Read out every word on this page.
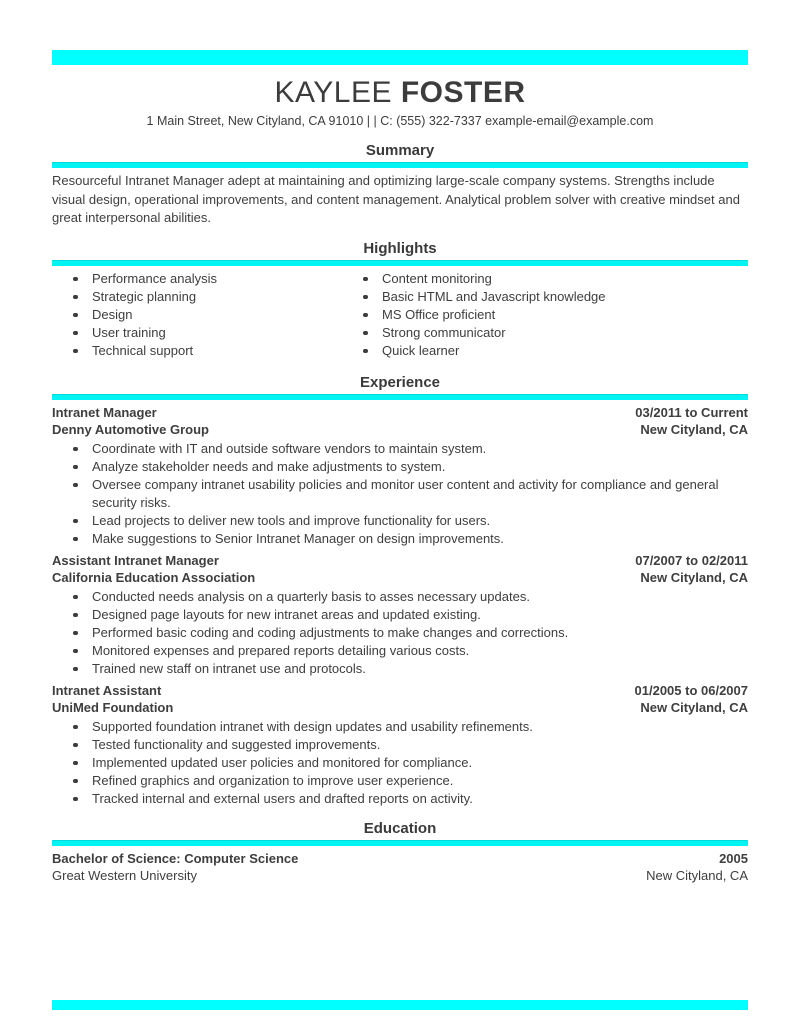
KAYLEE FOSTER
1 Main Street, New Cityland, CA 91010 | | C: (555) 322-7337 example-email@example.com
Summary
Resourceful Intranet Manager adept at maintaining and optimizing large-scale company systems. Strengths include visual design, operational improvements, and content management. Analytical problem solver with creative mindset and great interpersonal abilities.
Highlights
Performance analysis
Strategic planning
Design
User training
Technical support
Content monitoring
Basic HTML and Javascript knowledge
MS Office proficient
Strong communicator
Quick learner
Experience
Intranet Manager	03/2011 to Current
Denny Automotive Group	New Cityland, CA
Coordinate with IT and outside software vendors to maintain system.
Analyze stakeholder needs and make adjustments to system.
Oversee company intranet usability policies and monitor user content and activity for compliance and general security risks.
Lead projects to deliver new tools and improve functionality for users.
Make suggestions to Senior Intranet Manager on design improvements.
Assistant Intranet Manager	07/2007 to 02/2011
California Education Association	New Cityland, CA
Conducted needs analysis on a quarterly basis to asses necessary updates.
Designed page layouts for new intranet areas and updated existing.
Performed basic coding and coding adjustments to make changes and corrections.
Monitored expenses and prepared reports detailing various costs.
Trained new staff on intranet use and protocols.
Intranet Assistant	01/2005 to 06/2007
UniMed Foundation	New Cityland, CA
Supported foundation intranet with design updates and usability refinements.
Tested functionality and suggested improvements.
Implemented updated user policies and monitored for compliance.
Refined graphics and organization to improve user experience.
Tracked internal and external users and drafted reports on activity.
Education
Bachelor of Science: Computer Science	2005
Great Western University	New Cityland, CA
